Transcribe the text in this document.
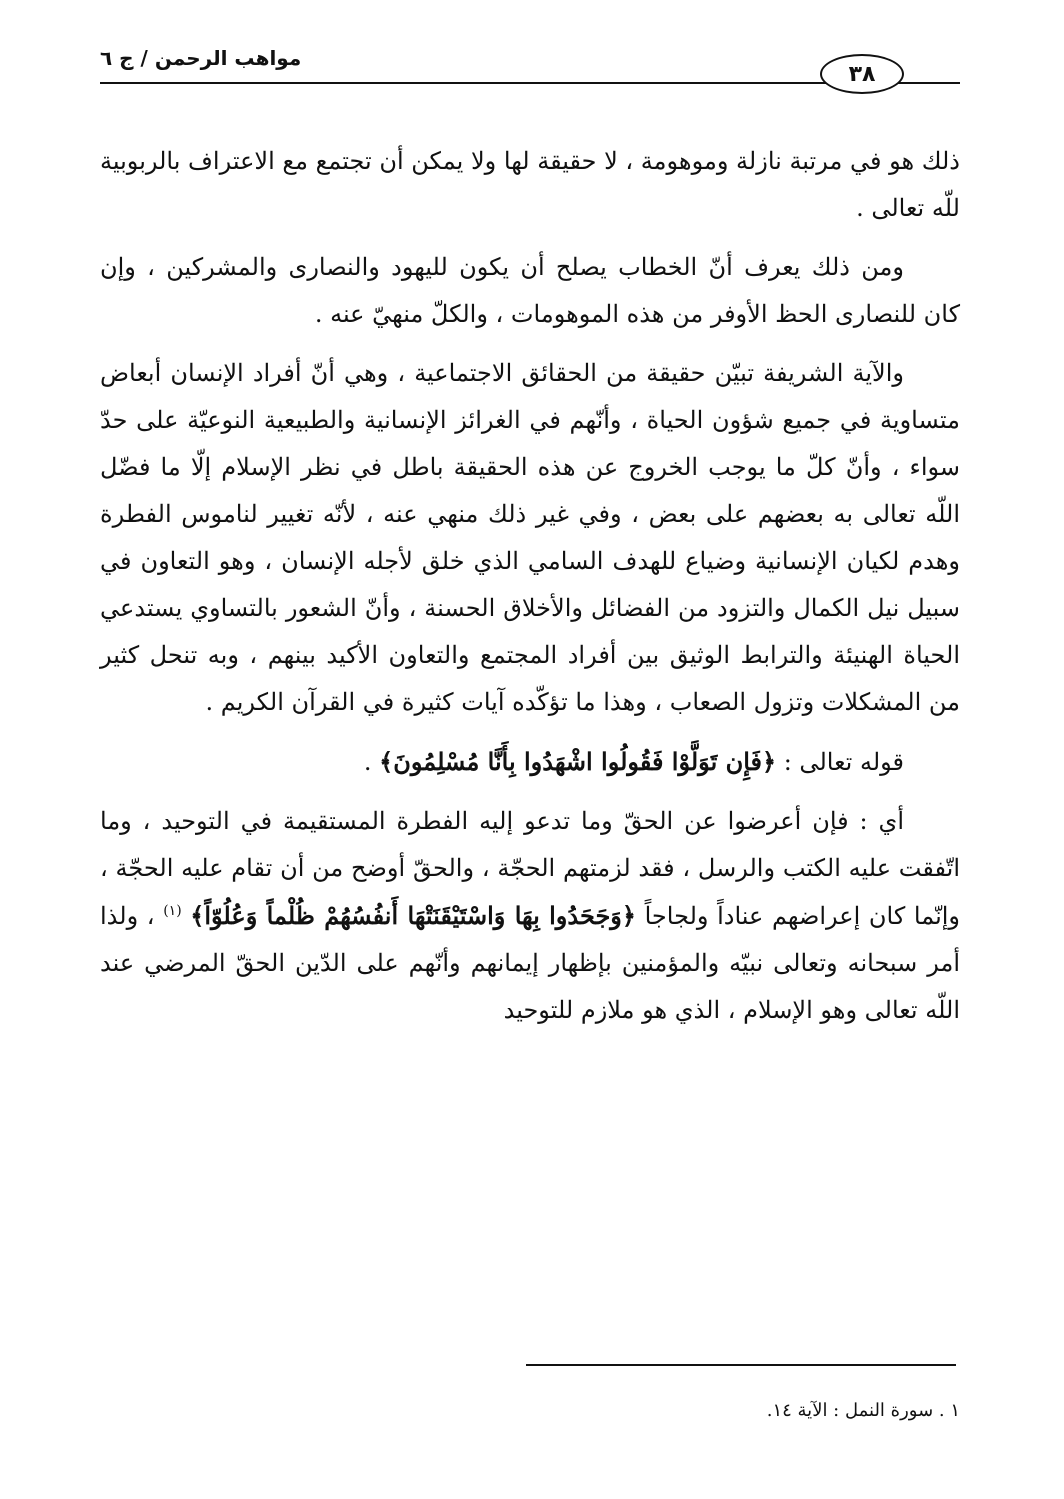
٣٨
مواهب الرحمن / ج ٦

ذلك هو في مرتبة نازلة وموهومة ، لا حقيقة لها ولا يمكن أن تجتمع مع الاعتراف بالربوبية للّه تعالى .

ومن ذلك يعرف أنّ الخطاب يصلح أن يكون لليهود والنصارى والمشركين ، وإن كان للنصارى الحظ الأوفر من هذه الموهومات ، والكلّ منهيّ عنه .

والآية الشريفة تبيّن حقيقة من الحقائق الاجتماعية ، وهي أنّ أفراد الإنسان أبعاض متساوية في جميع شؤون الحياة ، وأنّهم في الغرائز الإنسانية والطبيعية النوعيّة على حدّ سواء ، وأنّ كلّ ما يوجب الخروج عن هذه الحقيقة باطل في نظر الإسلام إلّا ما فضّل اللّه تعالى به بعضهم على بعض ، وفي غير ذلك منهي عنه ، لأنّه تغيير لناموس الفطرة وهدم لكيان الإنسانية وضياع للهدف السامي الذي خلق لأجله الإنسان ، وهو التعاون في سبيل نيل الكمال والتزود من الفضائل والأخلاق الحسنة ، وأنّ الشعور بالتساوي يستدعي الحياة الهنيئة والترابط الوثيق بين أفراد المجتمع والتعاون الأكيد بينهم ، وبه تنحل كثير من المشكلات وتزول الصعاب ، وهذا ما تؤكّده آيات كثيرة في القرآن الكريم .

قوله تعالى : ﴿فَإِن تَوَلَّوْا فَقُولُوا اشْهَدُوا بِأَنَّا مُسْلِمُونَ﴾ .

أي : فإن أعرضوا عن الحقّ وما تدعو إليه الفطرة المستقيمة في التوحيد ، وما اتّفقت عليه الكتب والرسل ، فقد لزمتهم الحجّة ، والحقّ أوضح من أن تقام عليه الحجّة ، وإنّما كان إعراضهم عناداً ولجاجاً ﴿وَجَحَدُوا بِهَا وَاسْتَيْقَنَتْهَا أَنفُسُهُمْ ظُلْماً وَعُلُوّاً﴾ $^{(١)}$ ، ولذا أمر سبحانه وتعالى نبيّه والمؤمنين بإظهار إيمانهم وأنّهم على الدّين الحقّ المرضي عند اللّه تعالى وهو الإسلام ، الذي هو ملازم للتوحيد

١ . سورة النمل : الآية ١٤.
